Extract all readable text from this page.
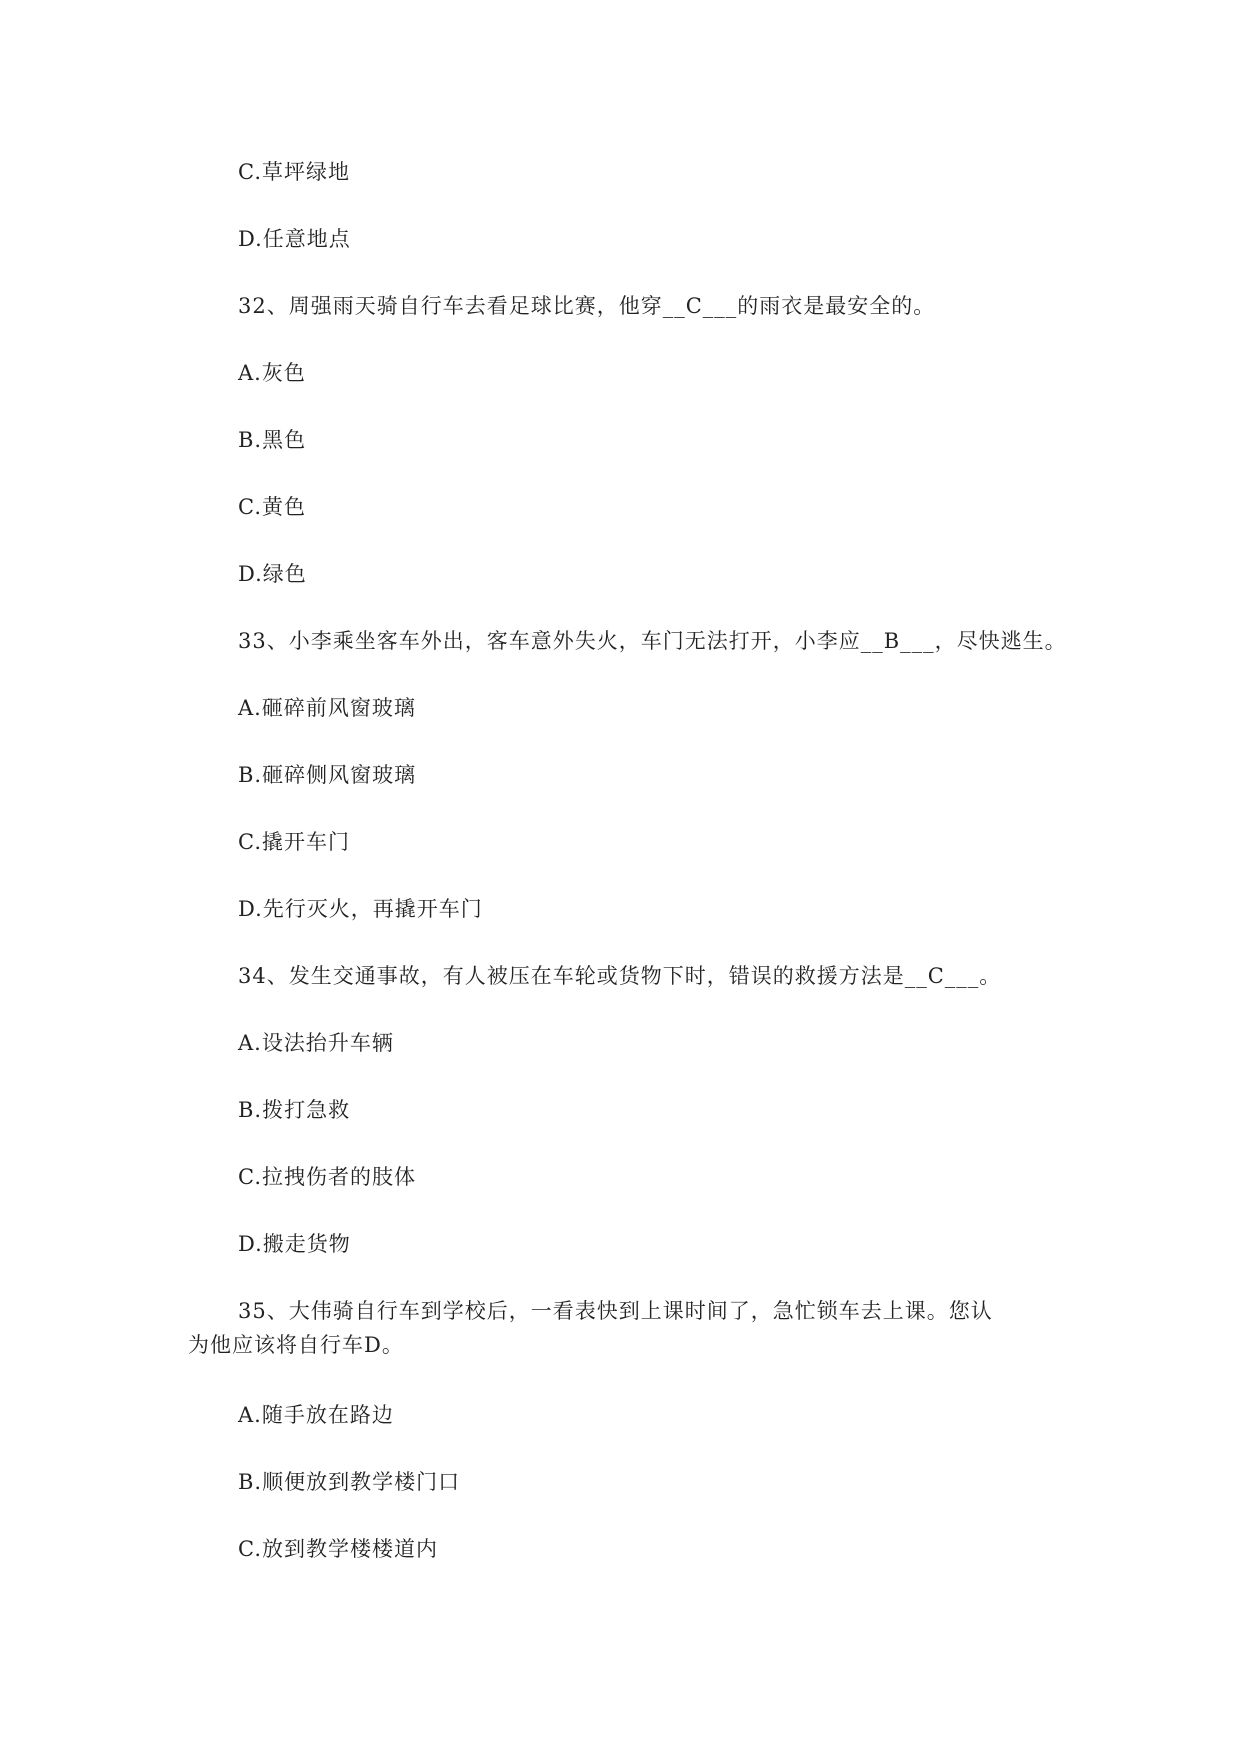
C.草坪绿地
D.任意地点
32、周强雨天骑自行车去看足球比赛，他穿__C___的雨衣是最安全的。
A.灰色
B.黑色
C.黄色
D.绿色
33、小李乘坐客车外出，客车意外失火，车门无法打开，小李应__B___，尽快逃生。
A.砸碎前风窗玻璃
B.砸碎侧风窗玻璃
C.撬开车门
D.先行灭火，再撬开车门
34、发生交通事故，有人被压在车轮或货物下时，错误的救援方法是__C___。
A.设法抬升车辆
B.拨打急救
C.拉拽伤者的肢体
D.搬走货物
35、大伟骑自行车到学校后，一看表快到上课时间了，急忙锁车去上课。您认为他应该将自行车D。
A.随手放在路边
B.顺便放到教学楼门口
C.放到教学楼楼道内
